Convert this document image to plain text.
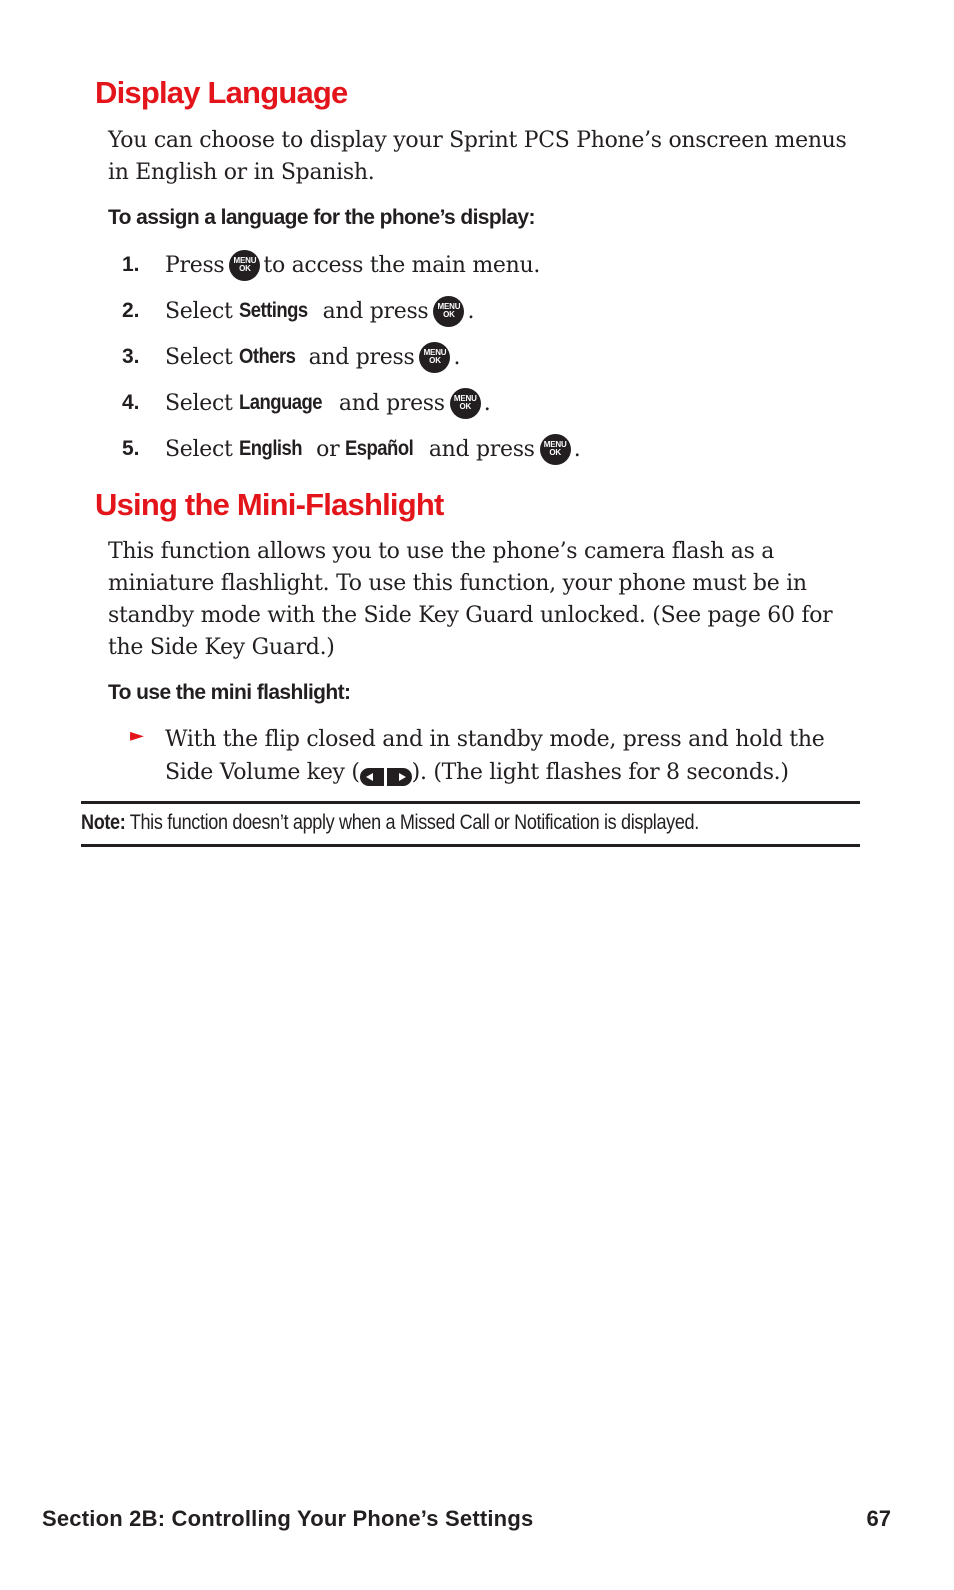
Display Language

You can choose to display your Sprint PCS Phone’s onscreen menus in English or in Spanish.

To assign a language for the phone’s display:

1.	Press MENU
OK to access the main menu.
2.	Select Settings and press MENU
OK .
3.	Select Others and press MENU
OK .
4.	Select Language and press MENU
OK .
5.	Select English or Español and press MENU
OK .
Using the Mini-Flashlight

This function allows you to use the phone’s camera flash as a miniature flashlight. To use this function, your phone must be in standby mode with the Side Key Guard unlocked. (See page 60 for the Side Key Guard.)

To use the mini flashlight:

► With the flip closed and in standby mode, press and hold the Side Volume key ( ). (The light flashes for 8 seconds.)

Note: This function doesn’t apply when a Missed Call or Notification is displayed.

Section 2B: Controlling Your Phone’s Settings	67
